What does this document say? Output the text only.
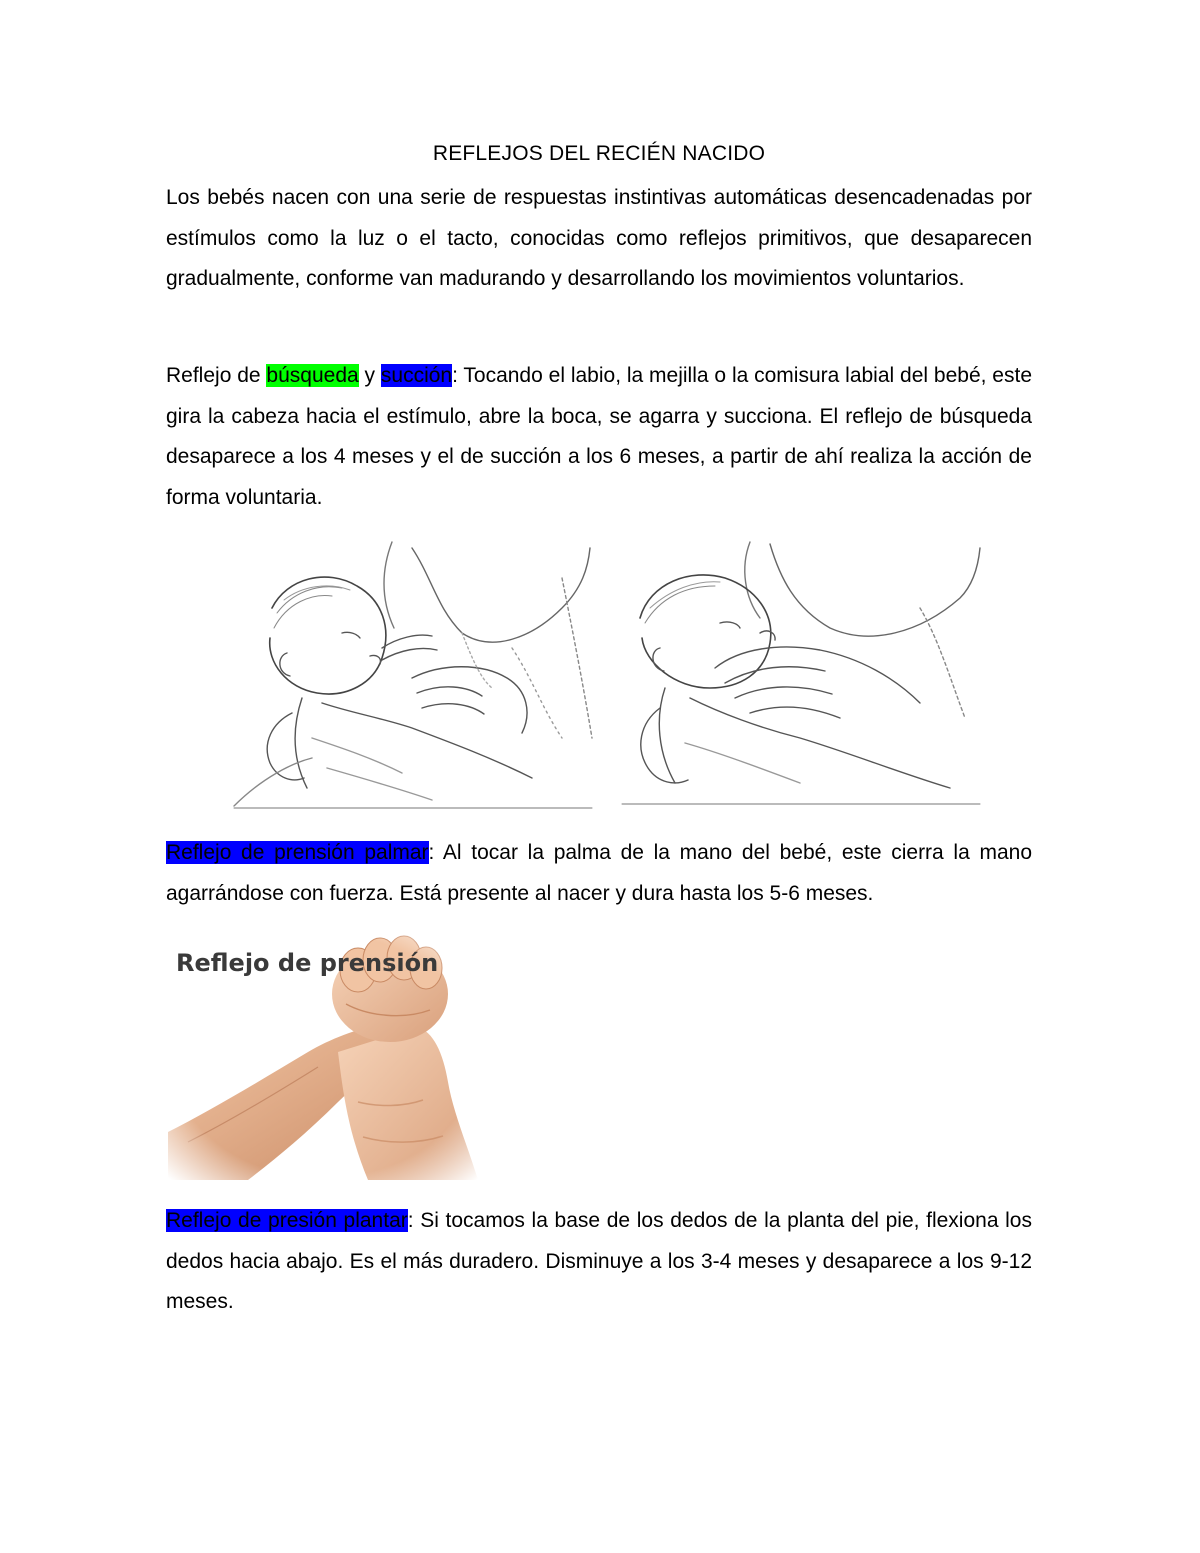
REFLEJOS DEL RECIÉN NACIDO

Los bebés nacen con una serie de respuestas instintivas automáticas desencadenadas por estímulos como la luz o el tacto, conocidas como reflejos primitivos, que desaparecen gradualmente, conforme van madurando y desarrollando los movimientos voluntarios.

Reflejo de búsqueda y succión: Tocando el labio, la mejilla o la comisura labial del bebé, este gira la cabeza hacia el estímulo, abre la boca, se agarra y succiona. El reflejo de búsqueda desaparece a los 4 meses y el de succión a los 6 meses, a partir de ahí realiza la acción de forma voluntaria.

Reflejo de prensión palmar: Al tocar la palma de la mano del bebé, este cierra la mano agarrándose con fuerza. Está presente al nacer y dura hasta los 5-6 meses.

Reflejo de prensión

Reflejo de presión plantar: Si tocamos la base de los dedos de la planta del pie, flexiona los dedos hacia abajo. Es el más duradero. Disminuye a los 3-4 meses y desaparece a los 9-12 meses.
